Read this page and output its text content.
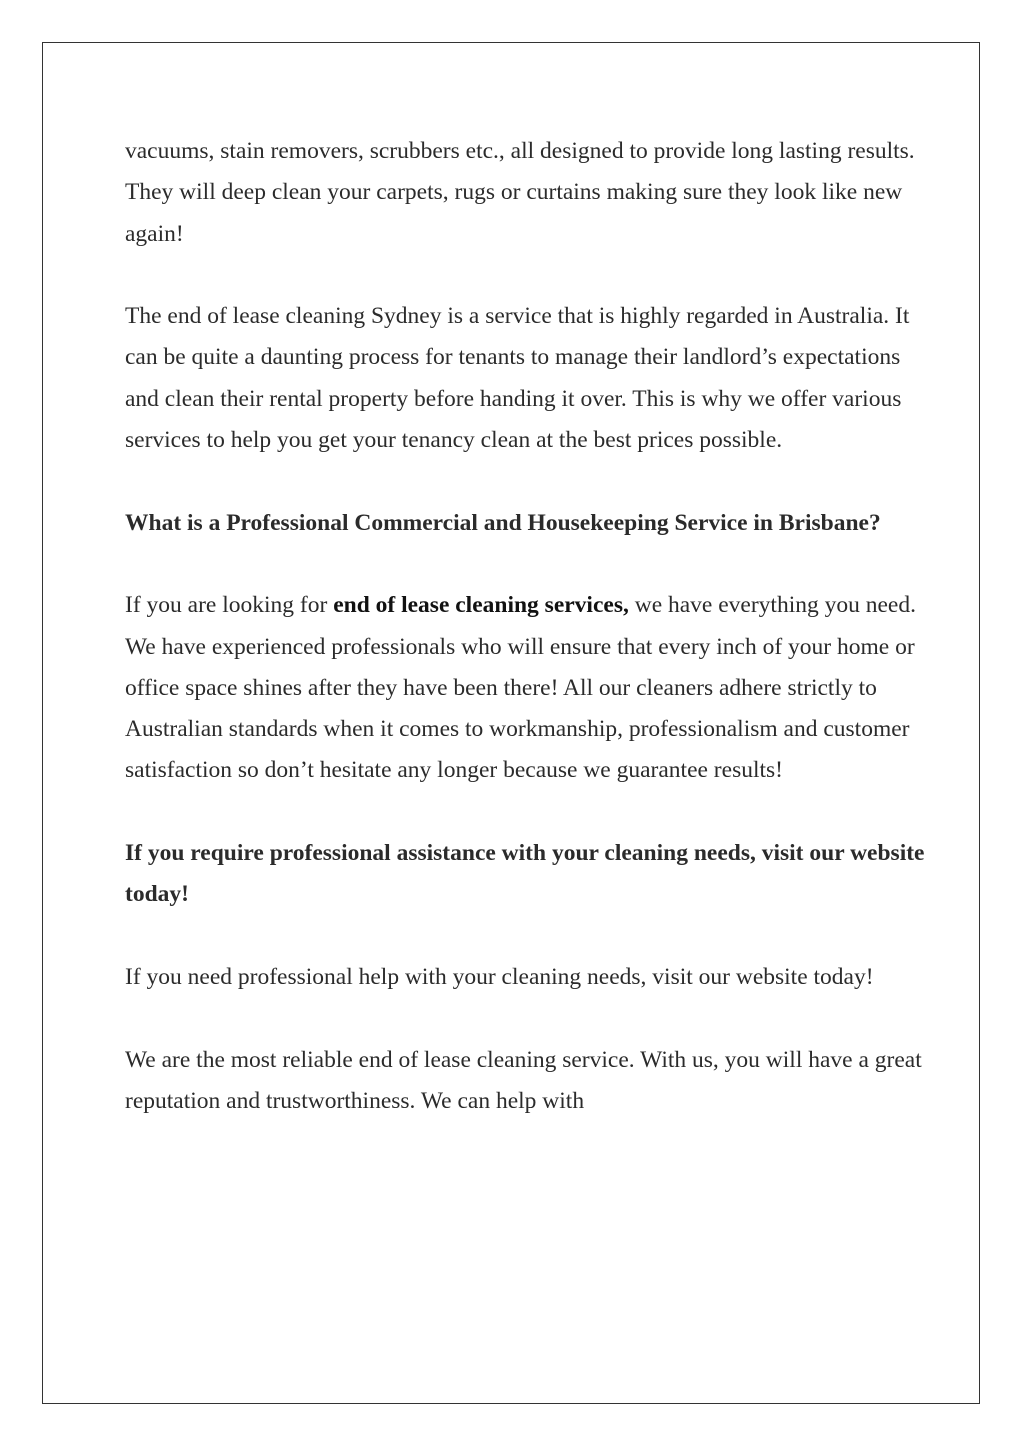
vacuums, stain removers, scrubbers etc., all designed to provide long lasting results. They will deep clean your carpets, rugs or curtains making sure they look like new again!

The end of lease cleaning Sydney is a service that is highly regarded in Australia. It can be quite a daunting process for tenants to manage their landlord’s expectations and clean their rental property before handing it over. This is why we offer various services to help you get your tenancy clean at the best prices possible.

What is a Professional Commercial and Housekeeping Service in Brisbane?

If you are looking for end of lease cleaning services, we have everything you need. We have experienced professionals who will ensure that every inch of your home or office space shines after they have been there! All our cleaners adhere strictly to Australian standards when it comes to workmanship, professionalism and customer satisfaction so don’t hesitate any longer because we guarantee results!

If you require professional assistance with your cleaning needs, visit our website today!

If you need professional help with your cleaning needs, visit our website today!

We are the most reliable end of lease cleaning service. With us, you will have a great reputation and trustworthiness. We can help with
